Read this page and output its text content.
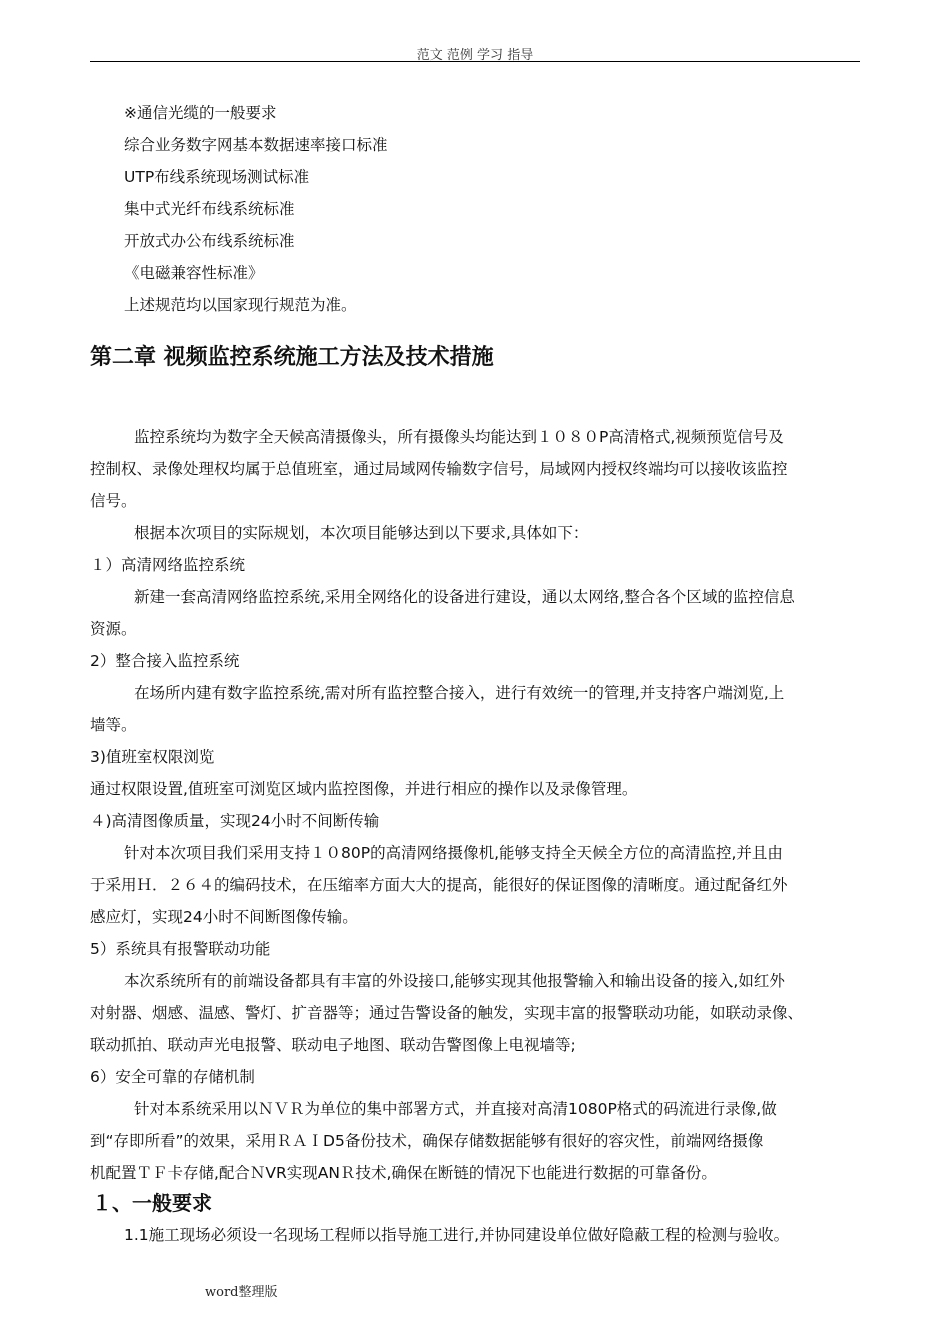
范文 范例 学习 指导
※通信光缆的一般要求
综合业务数字网基本数据速率接口标准
UTP布线系统现场测试标准
集中式光纤布线系统标准
开放式办公布线系统标准
《电磁兼容性标准》
上述规范均以国家现行规范为准。
第二章 视频监控系统施工方法及技术措施
监控系统均为数字全天候高清摄像头，所有摄像头均能达到１０８０P高清格式,视频预览信号及
控制权、录像处理权均属于总值班室，通过局域网传输数字信号，局域网内授权终端均可以接收该监控
信号。
根据本次项目的实际规划，本次项目能够达到以下要求,具体如下：
１）高清网络监控系统
新建一套高清网络监控系统,采用全网络化的设备进行建设，通以太网络,整合各个区域的监控信息
资源。
2）整合接入监控系统
在场所内建有数字监控系统,需对所有监控整合接入，进行有效统一的管理,并支持客户端浏览,上
墙等。
3)值班室权限浏览
通过权限设置,值班室可浏览区域内监控图像，并进行相应的操作以及录像管理。
４)高清图像质量，实现24小时不间断传输
针对本次项目我们采用支持１０80P的高清网络摄像机,能够支持全天候全方位的高清监控,并且由
于采用Ｈ．２６４的编码技术，在压缩率方面大大的提高，能很好的保证图像的清晰度。通过配备红外
感应灯，实现24小时不间断图像传输。
5）系统具有报警联动功能
本次系统所有的前端设备都具有丰富的外设接口,能够实现其他报警输入和输出设备的接入,如红外
对射器、烟感、温感、警灯、扩音器等；通过告警设备的触发，实现丰富的报警联动功能，如联动录像、
联动抓拍、联动声光电报警、联动电子地图、联动告警图像上电视墙等;
6）安全可靠的存储机制
针对本系统采用以ＮＶＲ为单位的集中部署方式，并直接对高清1080P格式的码流进行录像,做
到“存即所看”的效果，采用ＲＡＩD5备份技术，确保存储数据能够有很好的容灾性，前端网络摄像
机配置ＴＦ卡存储,配合ＮVR实现ANＲ技术,确保在断链的情况下也能进行数据的可靠备份。
１、一般要求
1.1施工现场必须设一名现场工程师以指导施工进行,并协同建设单位做好隐蔽工程的检测与验收。
word整理版
